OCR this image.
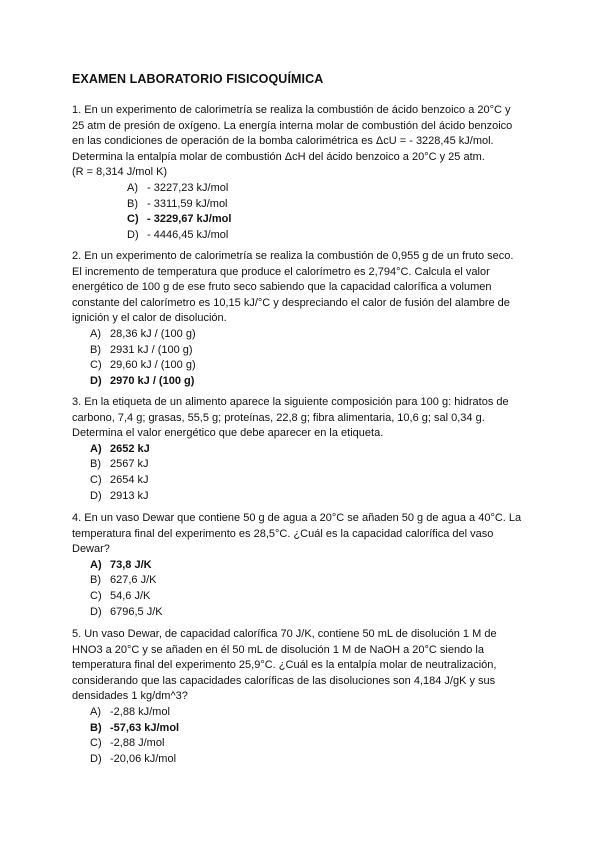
EXAMEN LABORATORIO FISICOQUÍMICA

1. En un experimento de calorimetría se realiza la combustión de ácido benzoico a 20°C y
25 atm de presión de oxígeno. La energía interna molar de combustión del ácido benzoico
en las condiciones de operación de la bomba calorimétrica es ΔcU = - 3228,45 kJ/mol.
Determina la entalpía molar de combustión ΔcH del ácido benzoico a 20°C y 25 atm.
(R = 8,314 J/mol K)

A) - 3227,23 kJ/mol
B) - 3311,59 kJ/mol
C) - 3229,67 kJ/mol
D) - 4446,45 kJ/mol

2. En un experimento de calorimetría se realiza la combustión de 0,955 g de un fruto seco.
El incremento de temperatura que produce el calorímetro es 2,794°C. Calcula el valor
energético de 100 g de ese fruto seco sabiendo que la capacidad calorífica a volumen
constante del calorímetro es 10,15 kJ/°C y despreciando el calor de fusión del alambre de
ignición y el calor de disolución.

A) 28,36 kJ / (100 g)
B) 2931 kJ / (100 g)
C) 29,60 kJ / (100 g)
D) 2970 kJ / (100 g)

3. En la etiqueta de un alimento aparece la siguiente composición para 100 g: hidratos de
carbono, 7,4 g; grasas, 55,5 g; proteínas, 22,8 g; fibra alimentaria, 10,6 g; sal 0,34 g.
Determina el valor energético que debe aparecer en la etiqueta.

A) 2652 kJ
B) 2567 kJ
C) 2654 kJ
D) 2913 kJ

4. En un vaso Dewar que contiene 50 g de agua a 20°C se añaden 50 g de agua a 40°C. La
temperatura final del experimento es 28,5°C. ¿Cuál es la capacidad calorífica del vaso
Dewar?

A) 73,8 J/K
B) 627,6 J/K
C) 54,6 J/K
D) 6796,5 J/K

5. Un vaso Dewar, de capacidad calorífica 70 J/K, contiene 50 mL de disolución 1 M de
HNO3 a 20°C y se añaden en él 50 mL de disolución 1 M de NaOH a 20°C siendo la
temperatura final del experimento 25,9°C. ¿Cuál es la entalpía molar de neutralización,
considerando que las capacidades caloríficas de las disoluciones son 4,184 J/gK y sus
densidades 1 kg/dm^3?

A) -2,88 kJ/mol
B) -57,63 kJ/mol
C) -2,88 J/mol
D) -20,06 kJ/mol
